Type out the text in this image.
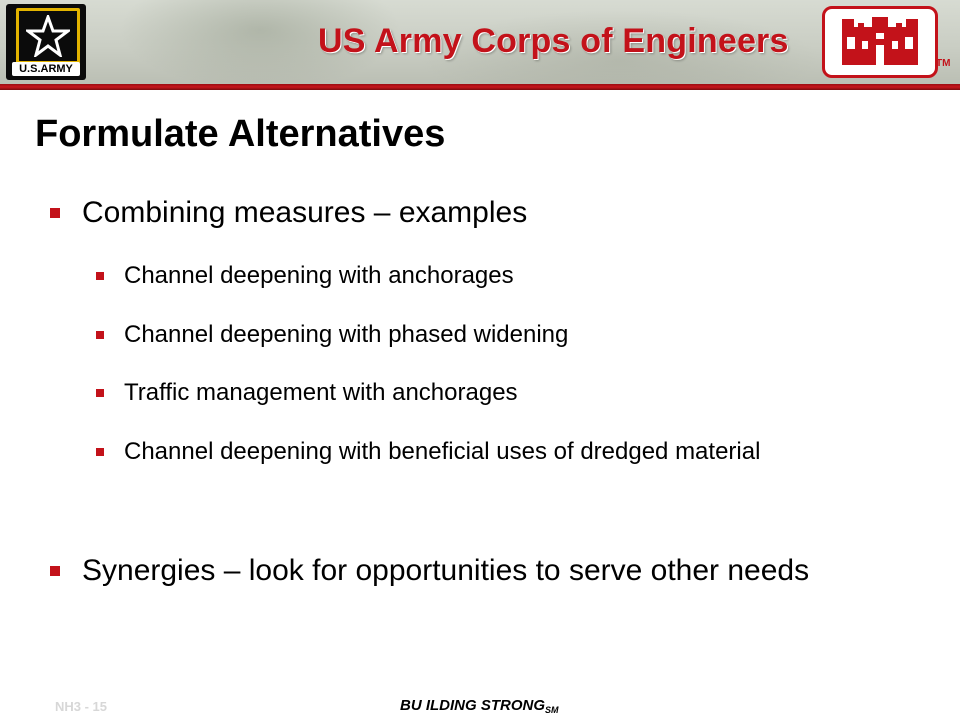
U.S.ARMY
US Army Corps of Engineers
TM
Formulate Alternatives
Combining measures – examples
Channel deepening with anchorages
Channel deepening with phased widening
Traffic management with anchorages
Channel deepening with beneficial uses of dredged material
Synergies – look for opportunities to serve other needs
NH3 - 15	BU ILDING $STRONG_{SM}$
